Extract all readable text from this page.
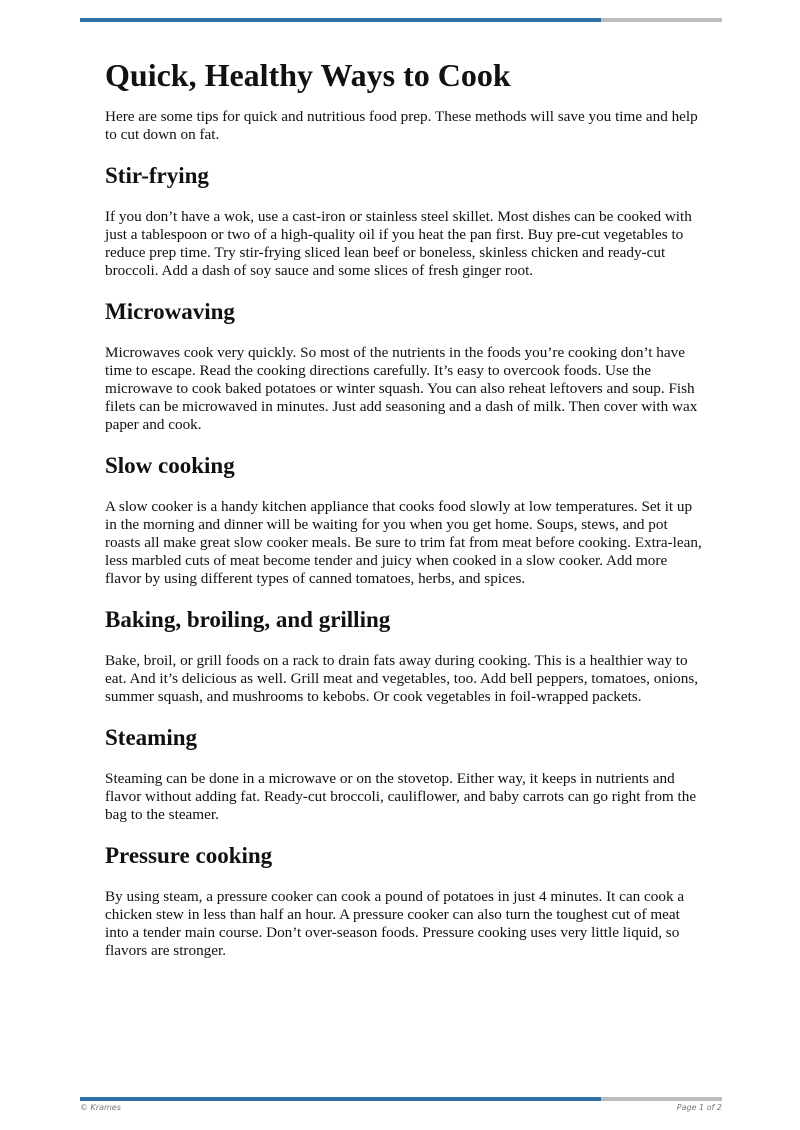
Quick, Healthy Ways to Cook

Here are some tips for quick and nutritious food prep. These methods will save you time and help to cut down on fat.

Stir-frying

If you don’t have a wok, use a cast-iron or stainless steel skillet. Most dishes can be cooked with just a tablespoon or two of a high-quality oil if you heat the pan first. Buy pre-cut vegetables to reduce prep time. Try stir-frying sliced lean beef or boneless, skinless chicken and ready-cut broccoli. Add a dash of soy sauce and some slices of fresh ginger root.

Microwaving

Microwaves cook very quickly. So most of the nutrients in the foods you’re cooking don’t have time to escape. Read the cooking directions carefully. It’s easy to overcook foods. Use the microwave to cook baked potatoes or winter squash. You can also reheat leftovers and soup. Fish filets can be microwaved in minutes. Just add seasoning and a dash of milk. Then cover with wax paper and cook.

Slow cooking

A slow cooker is a handy kitchen appliance that cooks food slowly at low temperatures. Set it up in the morning and dinner will be waiting for you when you get home. Soups, stews, and pot roasts all make great slow cooker meals. Be sure to trim fat from meat before cooking. Extra-lean, less marbled cuts of meat become tender and juicy when cooked in a slow cooker. Add more flavor by using different types of canned tomatoes, herbs, and spices.

Baking, broiling, and grilling

Bake, broil, or grill foods on a rack to drain fats away during cooking. This is a healthier way to eat. And it’s delicious as well. Grill meat and vegetables, too. Add bell peppers, tomatoes, onions, summer squash, and mushrooms to kebobs. Or cook vegetables in foil-wrapped packets.

Steaming

Steaming can be done in a microwave or on the stovetop. Either way, it keeps in nutrients and flavor without adding fat. Ready-cut broccoli, cauliflower, and baby carrots can go right from the bag to the steamer.

Pressure cooking

By using steam, a pressure cooker can cook a pound of potatoes in just 4 minutes. It can cook a chicken stew in less than half an hour. A pressure cooker can also turn the toughest cut of meat into a tender main course. Don’t over-season foods. Pressure cooking uses very little liquid, so flavors are stronger.

© Krames	Page 1 of 2
